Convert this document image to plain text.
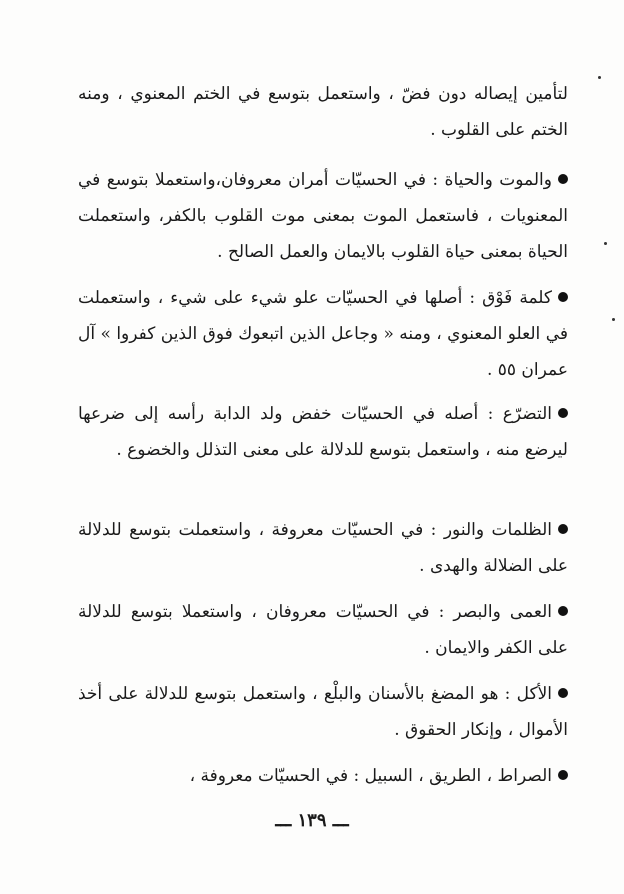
لتأمين إيصاله دون فضّ ، واستعمل بتوسع في الختم المعنوي ، ومنه الختم على القلوب .

والموت والحياة : في الحسيّات أمران معروفان،واستعملا بتوسع في المعنويات ، فاستعمل الموت بمعنى موت القلوب بالكفر، واستعملت الحياة بمعنى حياة القلوب بالايمان والعمل الصالح .

كلمة فَوْق : أصلها في الحسيّات علو شيء على شيء ، واستعملت في العلو المعنوي ، ومنه « وجاعل الذين اتبعوك فوق الذين كفروا » آل عمران ٥٥ .

التضرّع : أصله في الحسيّات خفض ولد الدابة رأسه إلى ضرعها ليرضع منه ، واستعمل بتوسع للدلالة على معنى التذلل والخضوع .

الظلمات والنور : في الحسيّات معروفة ، واستعملت بتوسع للدلالة على الضلالة والهدى .

العمى والبصر : في الحسيّات معروفان ، واستعملا بتوسع للدلالة على الكفر والايمان .

الأكل : هو المضغ بالأسنان والبلْع ، واستعمل بتوسع للدلالة على أخذ الأموال ، وإنكار الحقوق .

الصراط ، الطريق ، السبيل : في الحسيّات معروفة ،

ـــ ١٣٩ ـــ
